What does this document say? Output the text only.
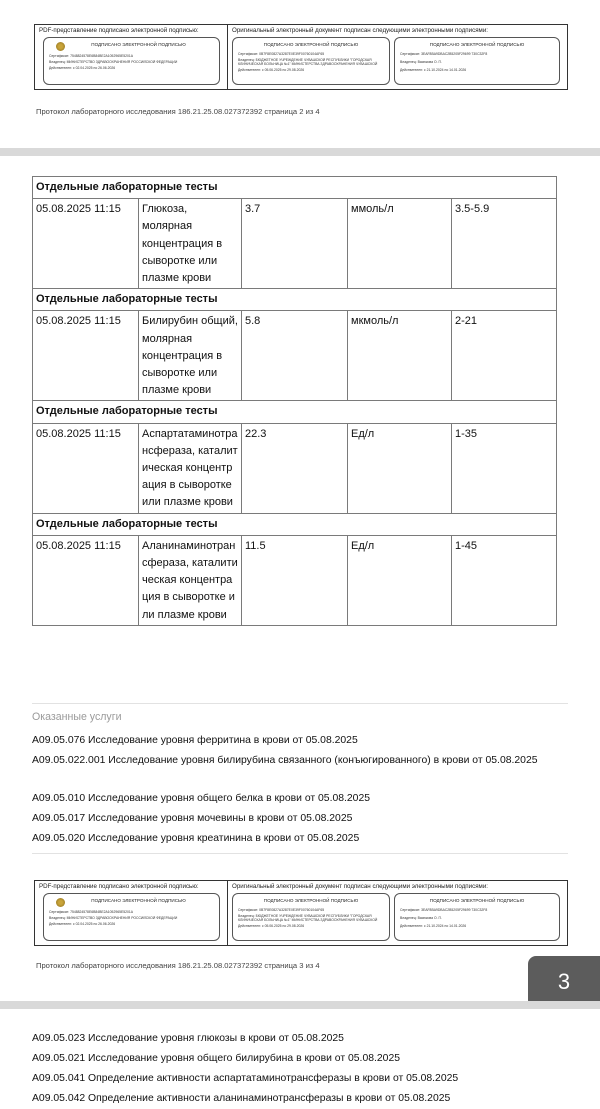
PDF-представление подписано электронной подписью:
ПОДПИСАНО ЭЛЕКТРОННОЙ ПОДПИСЬЮ
Сертификат: 7548824578E6B84BE2A1052965E5201A
Владелец: МИНИСТЕРСТВО ЗДРАВООХРАНЕНИЯ РОССИЙСКОЙ ФЕДЕРАЦИИ
Действителен: с 02.04.2025 по 26.06.2026
Оригинальный электронный документ подписан следующими электронными подписями:
ПОДПИСАНО ЭЛЕКТРОННОЙ ПОДПИСЬЮ
Сертификат: 0B7F8E0827A3287E0E39F00760104AF65
Владелец: БЮДЖЕТНОЕ УЧРЕЖДЕНИЕ ЧУВАШСКОЙ РЕСПУБЛИКИ "ГОРОДСКАЯ КЛИНИЧЕСКАЯ БОЛЬНИЦА №1" МИНИСТЕРСТВА ЗДРАВООХРАНЕНИЯ ЧУВАШСКОЙ
Действителен: с 05.06.2025 по 29.08.2026
ПОДПИСАНО ЭЛЕКТРОННОЙ ПОДПИСЬЮ
Сертификат: 3EAF8BA9DBAC2B5205F29699 730C32F8
Владелец: Васюкова О. П.
Действителен: с 21.10.2024 по 14.01.2026
Протокол лабораторного исследования 186.21.25.08.027372392 страница 2 из 4
Отдельные лабораторные тесты				
05.08.2025 11:15	Глюкоза, молярная концентрация в сыворотке или плазме крови	3.7	ммоль/л	3.5-5.9
Отдельные лабораторные тесты				
05.08.2025 11:15	Билирубин общий, молярная концентрация в сыворотке или плазме крови	5.8	мкмоль/л	2-21
Отдельные лабораторные тесты				
05.08.2025 11:15	Аспартатаминотрансфераза, каталитическая концентрация в сыворотке или плазме крови	22.3	Ед/л	1-35
Отдельные лабораторные тесты				
05.08.2025 11:15	Аланинаминотрансфераза, каталитическая концентрация в сыворотке или плазме крови	11.5	Ед/л	1-45
Оказанные услуги
A09.05.076 Исследование уровня ферритина в крови от 05.08.2025
A09.05.022.001 Исследование уровня билирубина связанного (конъюгированного) в крови от 05.08.2025
A09.05.010 Исследование уровня общего белка в крови от 05.08.2025
A09.05.017 Исследование уровня мочевины в крови от 05.08.2025
A09.05.020 Исследование уровня креатинина в крови от 05.08.2025
PDF-представление подписано электронной подписью:
ПОДПИСАНО ЭЛЕКТРОННОЙ ПОДПИСЬЮ
Сертификат: 7548824578E6B84BE2A1052965E5201A
Владелец: МИНИСТЕРСТВО ЗДРАВООХРАНЕНИЯ РОССИЙСКОЙ ФЕДЕРАЦИИ
Действителен: с 02.04.2025 по 26.06.2026
Оригинальный электронный документ подписан следующими электронными подписями:
ПОДПИСАНО ЭЛЕКТРОННОЙ ПОДПИСЬЮ
Сертификат: 0B7F8E0827A3287E0E39F00760104AF65
Владелец: БЮДЖЕТНОЕ УЧРЕЖДЕНИЕ ЧУВАШСКОЙ РЕСПУБЛИКИ "ГОРОДСКАЯ КЛИНИЧЕСКАЯ БОЛЬНИЦА №1" МИНИСТЕРСТВА ЗДРАВООХРАНЕНИЯ ЧУВАШСКОЙ
Действителен: с 05.06.2025 по 29.08.2026
ПОДПИСАНО ЭЛЕКТРОННОЙ ПОДПИСЬЮ
Сертификат: 3EAF8BA9DBAC2B5205F29699 730C32F8
Владелец: Васюкова О. П.
Действителен: с 21.10.2024 по 14.01.2026
Протокол лабораторного исследования 186.21.25.08.027372392 страница 3 из 4
3
A09.05.023 Исследование уровня глюкозы в крови от 05.08.2025
A09.05.021 Исследование уровня общего билирубина в крови от 05.08.2025
A09.05.041 Определение активности аспартатаминотрансферазы в крови от 05.08.2025
A09.05.042 Определение активности аланинаминотрансферазы в крови от 05.08.2025
